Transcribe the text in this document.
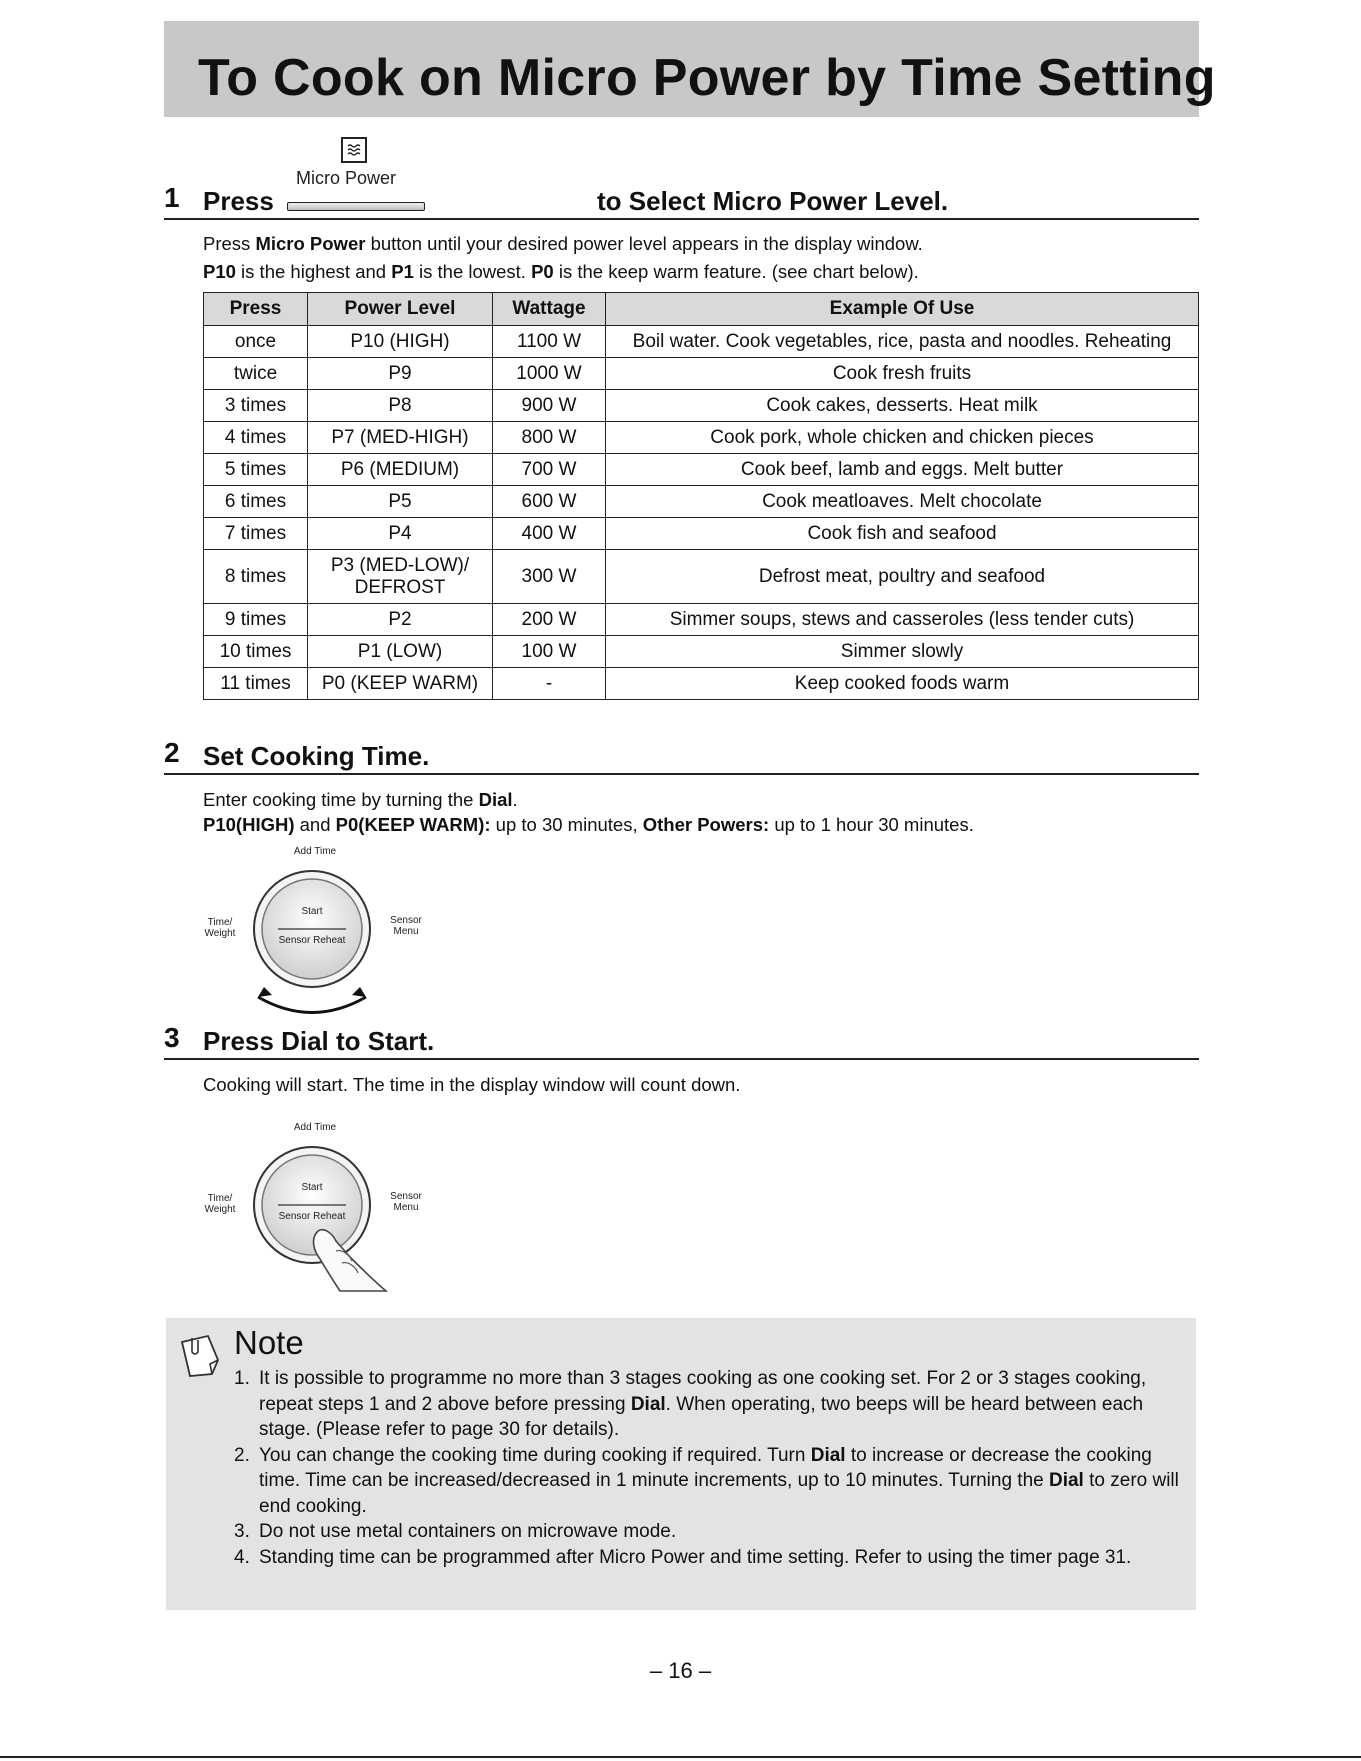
To Cook on Micro Power by Time Setting
Micro Power
1 Press	to Select Micro Power Level.
Press Micro Power button until your desired power level appears in the display window.
P10 is the highest and P1 is the lowest. P0 is the keep warm feature. (see chart below).
Press	Power Level	Wattage	Example Of Use
once	P10 (HIGH)	1100 W	Boil water. Cook vegetables, rice, pasta and noodles. Reheating
twice	P9	1000 W	Cook fresh fruits
3 times	P8	900 W	Cook cakes, desserts. Heat milk
4 times	P7 (MED-HIGH)	800 W	Cook pork, whole chicken and chicken pieces
5 times	P6 (MEDIUM)	700 W	Cook beef, lamb and eggs. Melt butter
6 times	P5	600 W	Cook meatloaves. Melt chocolate
7 times	P4	400 W	Cook fish and seafood
8 times	P3 (MED-LOW)/ DEFROST	300 W	Defrost meat, poultry and seafood
9 times	P2	200 W	Simmer soups, stews and casseroles (less tender cuts)
10 times	P1 (LOW)	100 W	Simmer slowly
11 times	P0 (KEEP WARM)	-	Keep cooked foods warm
2 Set Cooking Time.
Enter cooking time by turning the Dial.
P10(HIGH) and P0(KEEP WARM): up to 30 minutes, Other Powers: up to 1 hour 30 minutes.
Add Time
Time/
Weight
Sensor
Menu
Start
Sensor Reheat
3 Press Dial to Start.
Cooking will start. The time in the display window will count down.
Add Time
Time/
Weight
Sensor
Menu
Start
Sensor Reheat
Note
1. It is possible to programme no more than 3 stages cooking as one cooking set. For 2 or 3 stages cooking, repeat steps 1 and 2 above before pressing Dial. When operating, two beeps will be heard between each stage. (Please refer to page 30 for details).
2. You can change the cooking time during cooking if required. Turn Dial to increase or decrease the cooking time. Time can be increased/decreased in 1 minute increments, up to 10 minutes. Turning the Dial to zero will end cooking.
3. Do not use metal containers on microwave mode.
4. Standing time can be programmed after Micro Power and time setting. Refer to using the timer page 31.
– 16 –
